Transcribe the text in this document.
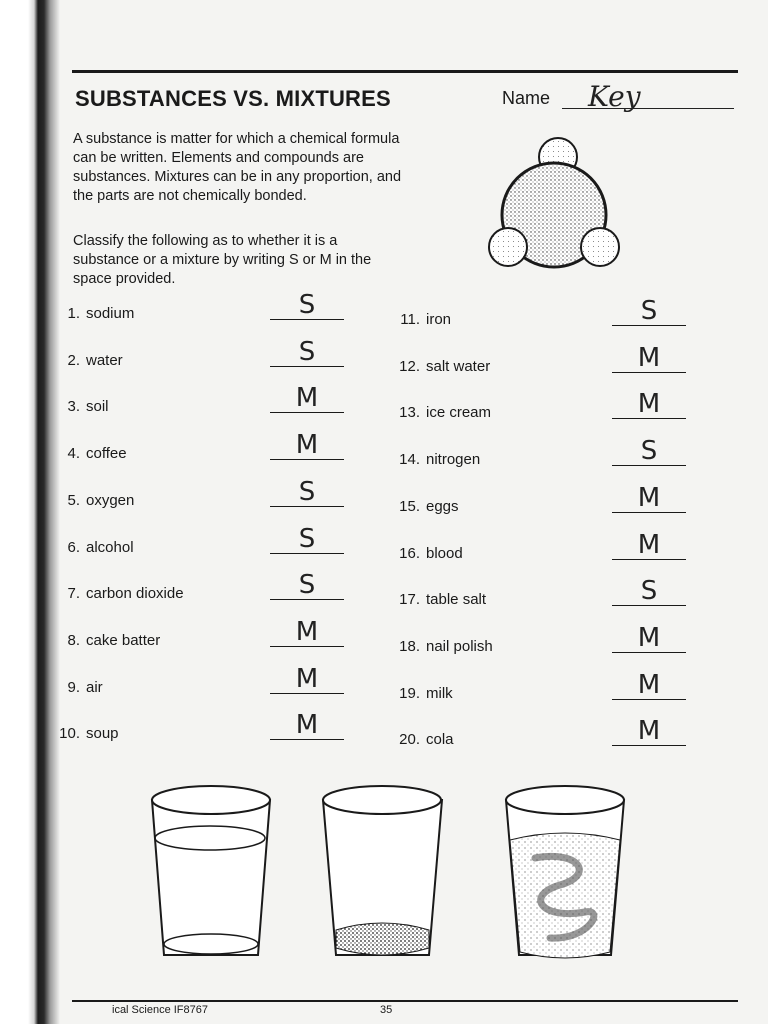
SUBSTANCES VS. MIXTURES	Name Key

A substance is matter for which a chemical formula can be written. Elements and compounds are substances. Mixtures can be in any proportion, and the parts are not chemically bonded.

Classify the following as to whether it is a substance or a mixture by writing S or M in the space provided.

1. sodium	S
2. water	S
3. soil	M
4. coffee	M
5. oxygen	S
6. alcohol	S
7. carbon dioxide	S
8. cake batter	M
9. air	M
10. soup	M
11. iron	S
12. salt water	M
13. ice cream	M
14. nitrogen	S
15. eggs	M
16. blood	M
17. table salt	S
18. nail polish	M
19. milk	M
20. cola	M
ical Science IF8767	35
